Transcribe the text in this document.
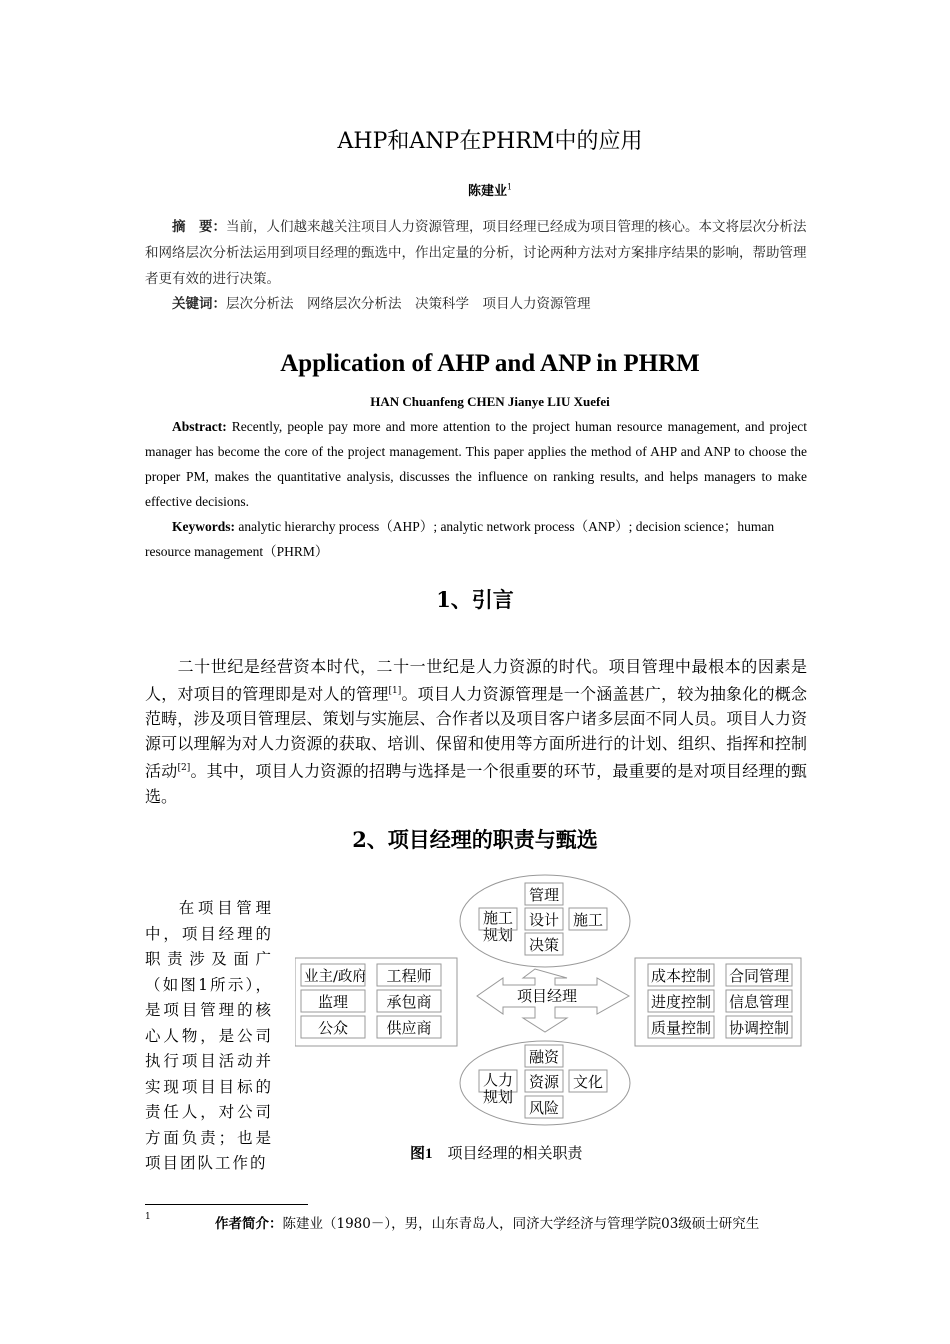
AHP和ANP在PHRM中的应用
陈建业$^1$
摘　要：当前，人们越来越关注项目人力资源管理，项目经理已经成为项目管理的核心。本文将层次分析法和网络层次分析法运用到项目经理的甄选中，作出定量的分析，讨论两种方法对方案排序结果的影响，帮助管理者更有效的进行决策。
关键词：层次分析法  网络层次分析法  决策科学  项目人力资源管理
Application of AHP and ANP in PHRM
HAN Chuanfeng CHEN Jianye LIU Xuefei
Abstract: Recently, people pay more and more attention to the project human resource management, and project manager has become the core of the project management. This paper applies the method of AHP and ANP to choose the proper PM, makes the quantitative analysis, discusses the influence on ranking results, and helps managers to make effective decisions.
Keywords: analytic hierarchy process（AHP）; analytic network process（ANP）; decision science；human resource management（PHRM）
1、引言
二十世纪是经营资本时代，二十一世纪是人力资源的时代。项目管理中最根本的因素是人，对项目的管理即是对人的管理[1]。项目人力资源管理是一个涵盖甚广，较为抽象化的概念范畴，涉及项目管理层、策划与实施层、合作者以及项目客户诸多层面不同人员。项目人力资源可以理解为对人力资源的获取、培训、保留和使用等方面所进行的计划、组织、指挥和控制活动[2]。其中，项目人力资源的招聘与选择是一个很重要的环节，最重要的是对项目经理的甄选。
2、项目经理的职责与甄选
在项目管理中，项目经理的职责涉及面广（如图1所示），是项目管理的核心人物，是公司执行项目活动并实现项目目标的责任人，对公司方面负责；也是项目团队工作的
施工
规划
管理
设计 施工
决策
人力
规划
融资
资源 文化
风险
项目经理
业主/政府 工程师
监理	承包商
公众	供应商
成本控制 合同管理
进度控制 信息管理
质量控制 协调控制
图1   项目经理的相关职责
1	作者简介：陈建业（1980－），男，山东青岛人，同济大学经济与管理学院03级硕士研究生
